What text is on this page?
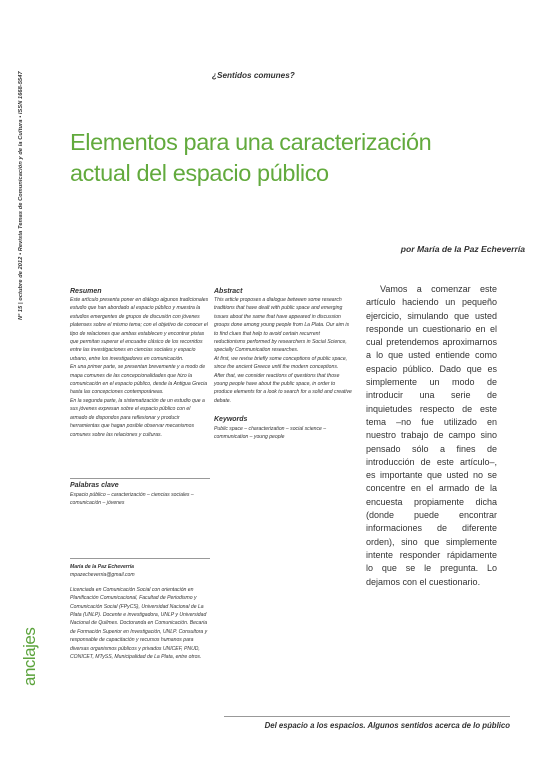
Nº 15 | octubre de 2012 • Revista Temas de Comunicación y de la Cultura • ISSN 1668-5547	¿Sentidos comunes?
Elementos para una caracterización
actual del espacio público
por María de la Paz Echeverría
Resumen

Este artículo presenta poner en diálogo algunos tradicionales estudio que han abordado al espacio público y muestra la estudios emergentes de grupos de discusión con jóvenes platenses sobre el mismo tema; con el objetivo de conocer el tipo de relaciones que ambas establecen y encontrar pistas que permitan superar el encuadre clásico de los recorridos entre las investigaciones en ciencias sociales y espacio urbano, entre los investigadores en comunicación.

En una primer parte, se presentan brevemente y a modo de mapa comunes de las concepcionalidades que hizo la comunicación en el espacio público, desde la Antigua Grecia hasta las concepciones contemporáneas.

En la segunda parte, la sistematización de un estudio que a sus jóvenes expresan sobre el espacio público con el armado de dispondos para reflexionar y producir herramientas que hagan posible observar mecanismos comunes sobre las relaciones y culturas.

Palabras clave
Espacio público – caracterización – ciencias sociales – comunicación – jóvenes
Abstract

This article proposes a dialogue between some research traditions that have dealt with public space and emerging issues about the same that have appeared in discussion groups done among young people from La Plata. Our aim is to find clues that help to avoid certain recurrent reductionisms performed by researchers in Social Science, specially Communication researches.

At first, we revise briefly some conceptions of public space, since the ancient Greece until the modern conceptions.

After that, we consider reactions of questions that those young people have about the public space, in order to produce elements for a look to search for a solid and creative debate.

Keywords
Public space – characterization – social science – communication – young people

Vamos a comenzar este artículo haciendo un pequeño ejercicio, simulando que usted responde un cuestionario en el cual pretendemos aproximarnos a lo que usted entiende como espacio público. Dado que es simplemente un modo de introducir una serie de inquietudes respecto de este tema –no fue utilizado en nuestro trabajo de campo sino pensado sólo a fines de introducción de este artículo–, es importante que usted no se concentre en el armado de la encuesta propiamente dicha (donde puede encontrar informaciones de diferente orden), sino que simplemente intente responder rápidamente lo que se le pregunta. Lo dejamos con el cuestionario.

María de la Paz Echeverría
mpazecheverria@gmail.com
Licenciada en Comunicación Social con orientación en Planificación Comunicacional, Facultad de Periodismo y Comunicación Social (FPyCS), Universidad Nacional de La Plata (UNLP). Docente e investigadora, UNLP y Universidad Nacional de Quilmes. Doctoranda en Comunicación. Becaria de Formación Superior en Investigación, UNLP. Consultora y responsable de capacitación y recursos humanos para diversas organismos públicos y privados UNICEF, PNUD, CONICET, MTySS, Municipalidad de La Plata, entre otros.
anclajes
Del espacio a los espacios. Algunos sentidos acerca de lo público
